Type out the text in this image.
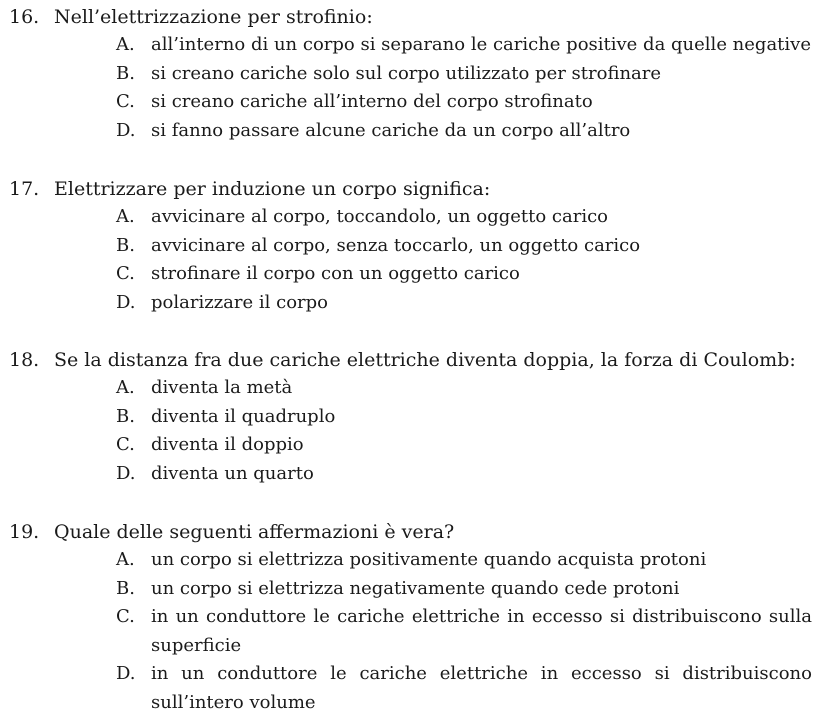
16. Nell’elettrizzazione per strofinio:
A. all’interno di un corpo si separano le cariche positive da quelle negative
B. si creano cariche solo sul corpo utilizzato per strofinare
C. si creano cariche all’interno del corpo strofinato
D. si fanno passare alcune cariche da un corpo all’altro
17. Elettrizzare per induzione un corpo significa:
A. avvicinare al corpo, toccandolo, un oggetto carico
B. avvicinare al corpo, senza toccarlo, un oggetto carico
C. strofinare il corpo con un oggetto carico
D. polarizzare il corpo
18. Se la distanza fra due cariche elettriche diventa doppia, la forza di Coulomb:
A. diventa la metà
B. diventa il quadruplo
C. diventa il doppio
D. diventa un quarto
19. Quale delle seguenti affermazioni è vera?
A. un corpo si elettrizza positivamente quando acquista protoni
B. un corpo si elettrizza negativamente quando cede protoni
C. in un conduttore le cariche elettriche in eccesso si distribuiscono sulla superficie
D. in un conduttore le cariche elettriche in eccesso si distribuiscono sull’intero volume
